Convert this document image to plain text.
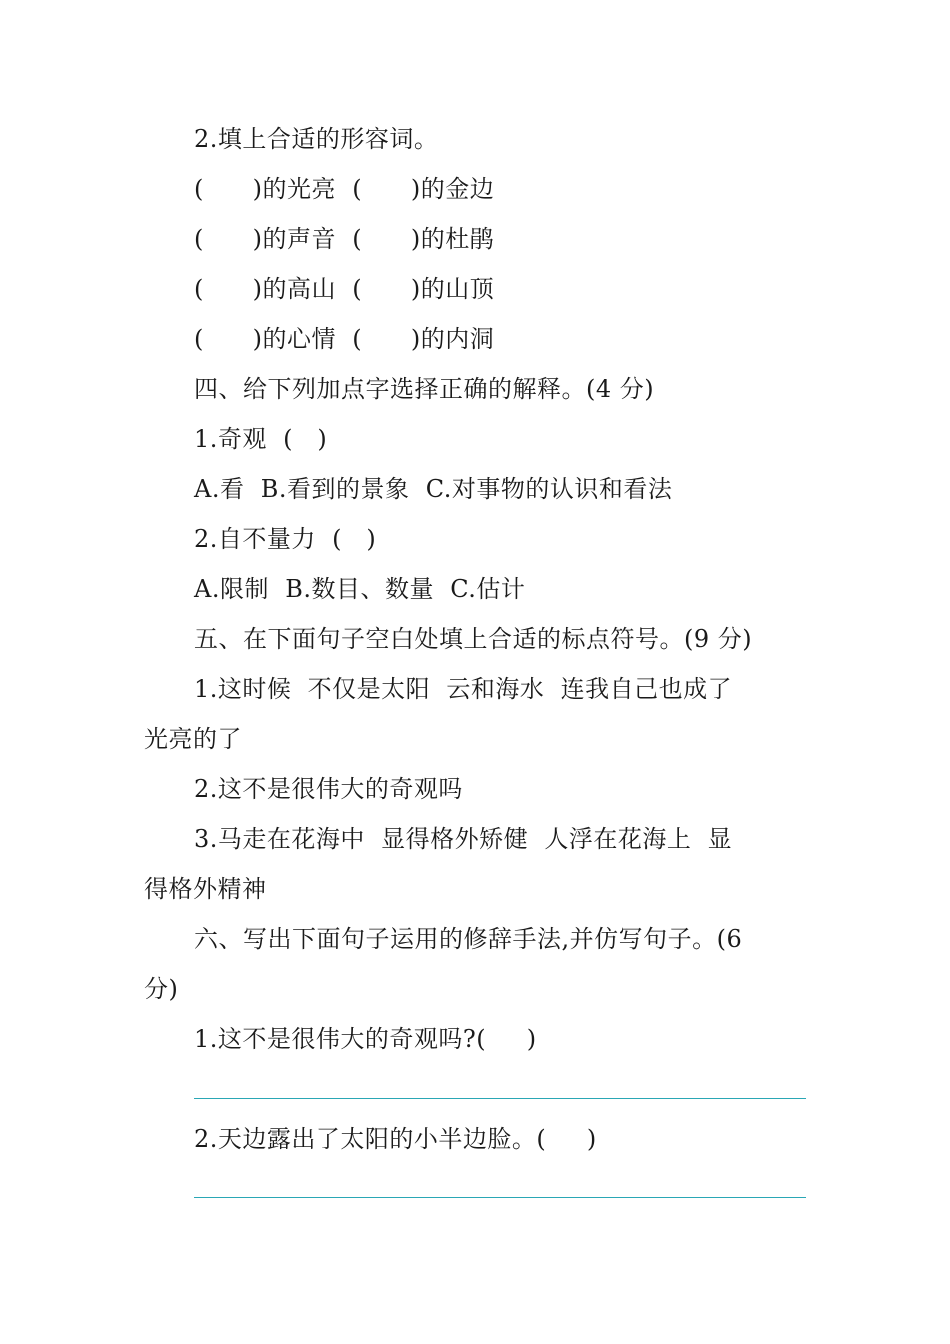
2.填上合适的形容词。
(      )的光亮  (      )的金边
(      )的声音  (      )的杜鹃
(      )的高山  (      )的山顶
(      )的心情  (      )的内洞
四、给下列加点字选择正确的解释。(4 分)
1.奇观  (   )
A.看  B.看到的景象  C.对事物的认识和看法
2.自不量力  (   )
A.限制  B.数目、数量  C.估计
五、在下面句子空白处填上合适的标点符号。(9 分)
1.这时候  不仅是太阳  云和海水  连我自己也成了
光亮的了
2.这不是很伟大的奇观吗
3.马走在花海中  显得格外矫健  人浮在花海上  显
得格外精神
六、写出下面句子运用的修辞手法,并仿写句子。(6
分)
1.这不是很伟大的奇观吗?(     )
2.天边露出了太阳的小半边脸。(     )
